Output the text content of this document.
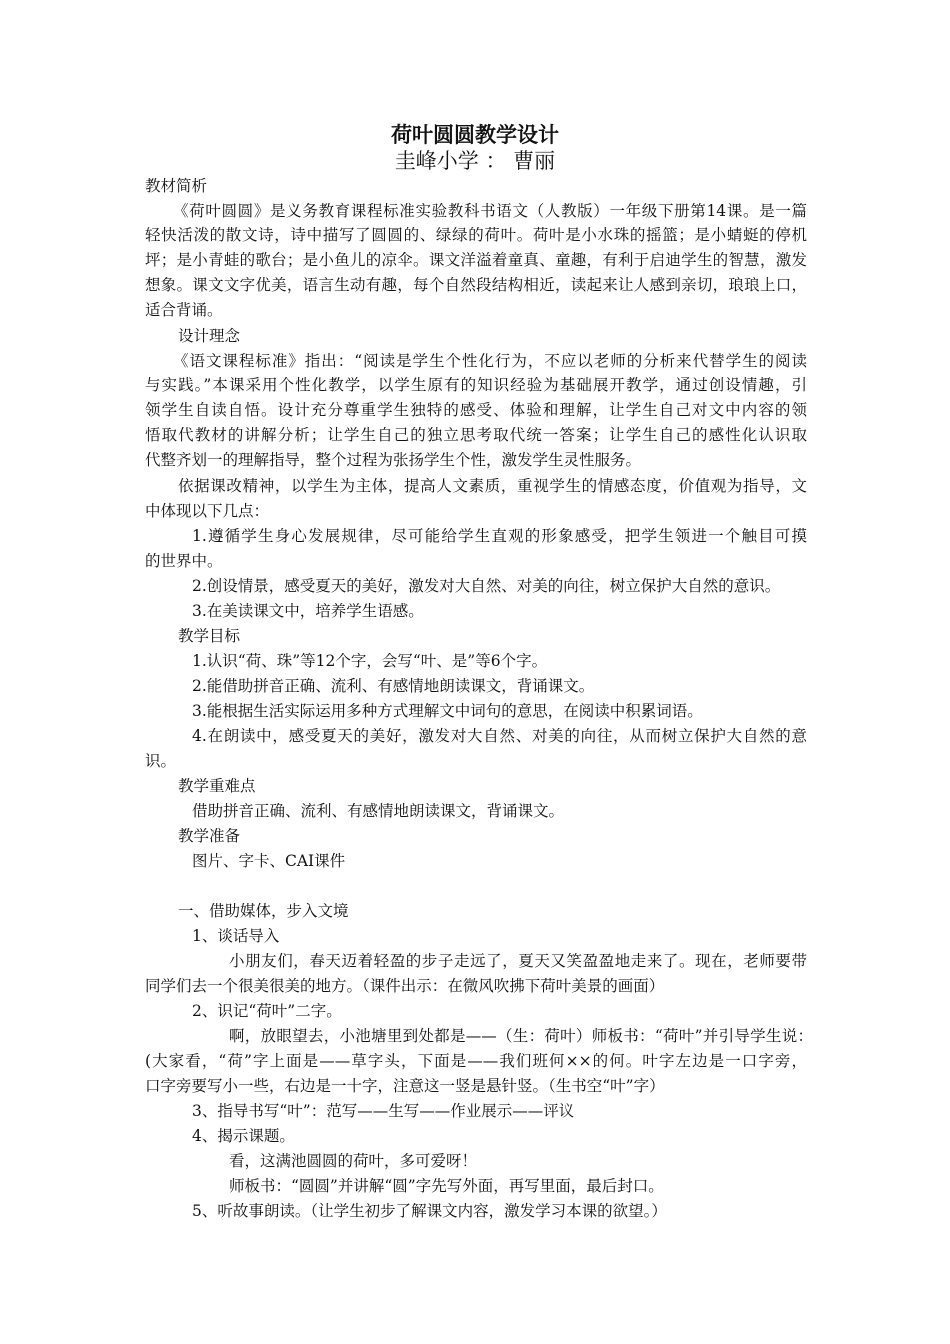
荷叶圆圆教学设计
圭峰小学 ： 曹丽
教材简析
《荷叶圆圆》是义务教育课程标准实验教科书语文（人教版）一年级下册第14课。是一篇
轻快活泼的散文诗，诗中描写了圆圆的、绿绿的荷叶。荷叶是小水珠的摇篮；是小蜻蜓的停机
坪；是小青蛙的歌台；是小鱼儿的凉伞。课文洋溢着童真、童趣，有利于启迪学生的智慧，激发
想象。课文文字优美，语言生动有趣，每个自然段结构相近，读起来让人感到亲切，琅琅上口，
适合背诵。
设计理念
《语文课程标准》指出：“阅读是学生个性化行为，不应以老师的分析来代替学生的阅读
与实践。”本课采用个性化教学，以学生原有的知识经验为基础展开教学，通过创设情趣，引
领学生自读自悟。设计充分尊重学生独特的感受、体验和理解，让学生自己对文中内容的领
悟取代教材的讲解分析；让学生自己的独立思考取代统一答案；让学生自己的感性化认识取
代整齐划一的理解指导，整个过程为张扬学生个性，激发学生灵性服务。
依据课改精神，以学生为主体，提高人文素质，重视学生的情感态度，价值观为指导，文
中体现以下几点：
1.遵循学生身心发展规律，尽可能给学生直观的形象感受，把学生领进一个触目可摸
的世界中。
2.创设情景，感受夏天的美好，激发对大自然、对美的向往，树立保护大自然的意识。
3.在美读课文中，培养学生语感。
教学目标
1.认识“荷、珠”等12个字，会写“叶、是”等6个字。
2.能借助拼音正确、流利、有感情地朗读课文，背诵课文。
3.能根据生活实际运用多种方式理解文中词句的意思，在阅读中积累词语。
4.在朗读中，感受夏天的美好，激发对大自然、对美的向往，从而树立保护大自然的意
识。
教学重难点
借助拼音正确、流利、有感情地朗读课文，背诵课文。
教学准备
图片、字卡、CAI课件
一、借助媒体，步入文境
1、谈话导入
小朋友们，春天迈着轻盈的步子走远了，夏天又笑盈盈地走来了。现在，老师要带
同学们去一个很美很美的地方。（课件出示：在微风吹拂下荷叶美景的画面）
2、识记“荷叶”二字。
啊，放眼望去，小池塘里到处都是——（生：荷叶）师板书：“荷叶”并引导学生说：
(大家看，“荷”字上面是——草字头，下面是——我们班何××的何。叶字左边是一口字旁，
口字旁要写小一些，右边是一十字，注意这一竖是悬针竖。（生书空“叶”字）
3、指导书写“叶”：范写——生写——作业展示——评议
4、揭示课题。
看，这满池圆圆的荷叶，多可爱呀！
师板书：“圆圆”并讲解“圆”字先写外面，再写里面，最后封口。
5、听故事朗读。（让学生初步了解课文内容，激发学习本课的欲望。）
